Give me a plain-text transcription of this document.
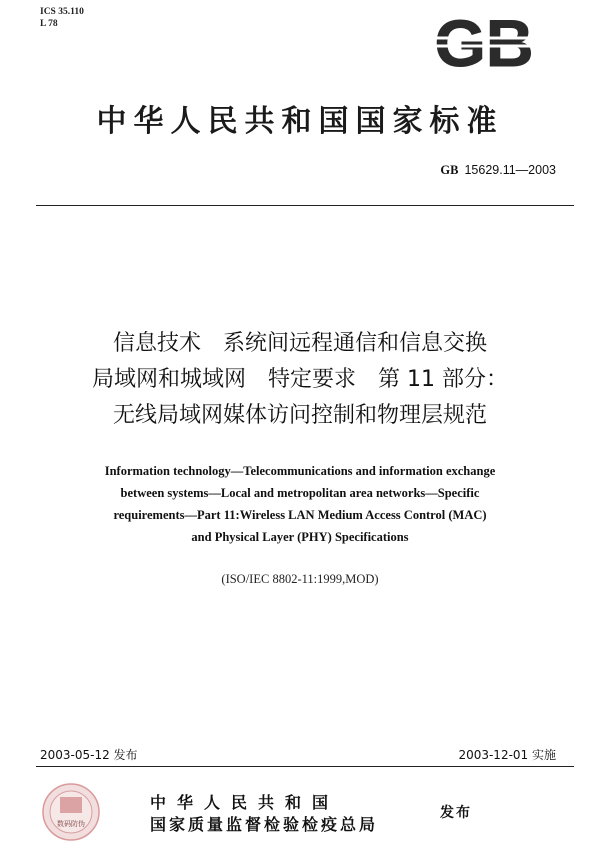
ICS 35.110
L 78	GB
中华人民共和国国家标准
GB 15629.11—2003
信息技术　系统间远程通信和信息交换
局域网和城域网　特定要求　第 11 部分：
无线局域网媒体访问控制和物理层规范
Information technology—Telecommunications and information exchange
between systems—Local and metropolitan area networks—Specific
requirements—Part 11:Wireless LAN Medium Access Control (MAC)
and Physical Layer (PHY) Specifications
(ISO/IEC 8802-11:1999,MOD)
2003-05-12 发布	2003-12-01 实施
数码防伪
中华人民共和国
国家质量监督检验检疫总局
发布
